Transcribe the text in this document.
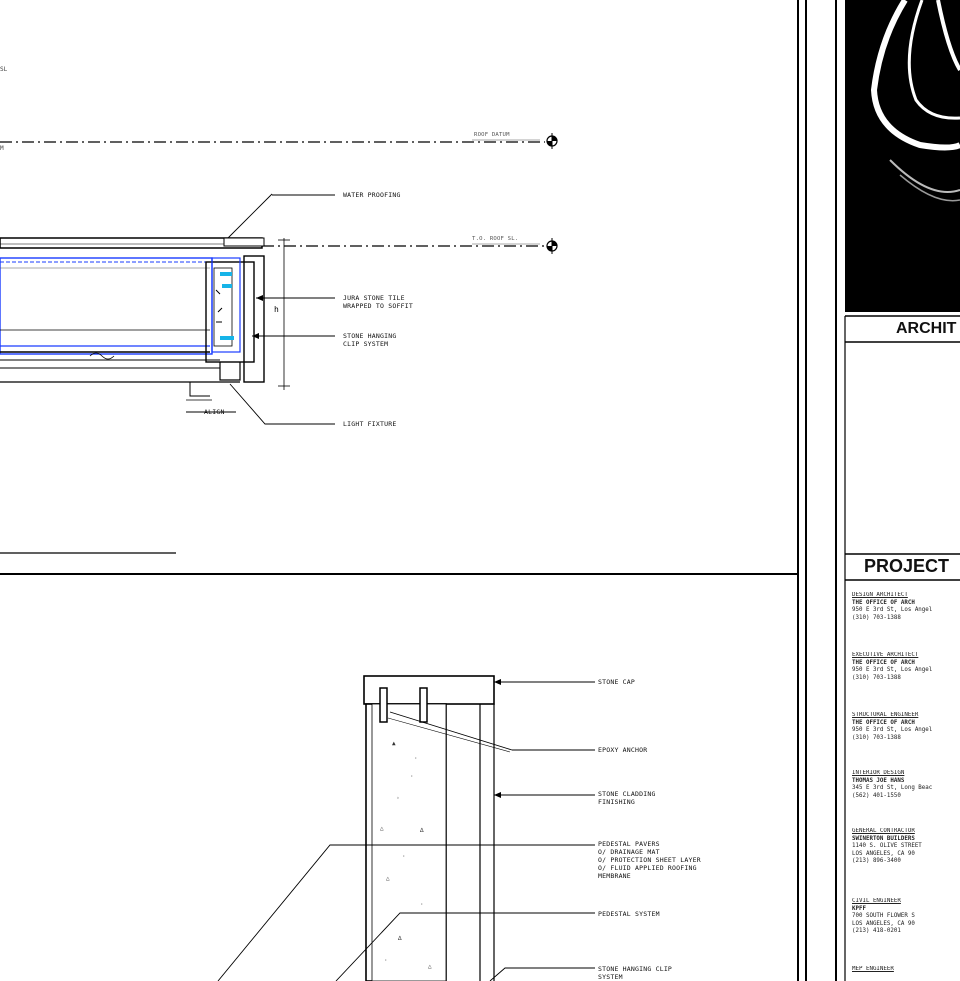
h
▲
·
◦
△	∆
·
△
·
∆
△
·
·
SL
M
ROOF DATUM
T.O. ROOF SL.
WATER PROOFING
JURA STONE TILE
WRAPPED TO SOFFIT
STONE HANGING
CLIP SYSTEM
LIGHT FIXTURE
ALIGN
STONE CAP
EPOXY ANCHOR
STONE CLADDING
FINISHING
PEDESTAL PAVERS
O/ DRAINAGE MAT
O/ PROTECTION SHEET LAYER
O/ FLUID APPLIED ROOFING
MEMBRANE
PEDESTAL SYSTEM
STONE HANGING CLIP
SYSTEM
ARCHIT
PROJECT
DESIGN ARCHITECT
THE OFFICE OF ARCH
950 E 3rd St, Los Angel
(310) 703-1388
EXECUTIVE ARCHITECT
THE OFFICE OF ARCH
950 E 3rd St, Los Angel
(310) 703-1388
STRUCTURAL ENGINEER
THE OFFICE OF ARCH
950 E 3rd St, Los Angel
(310) 703-1388
INTERIOR DESIGN
THOMAS JOE HANS
345 E 3rd St, Long Beac
(562) 401-1550
GENERAL CONTRACTOR
SWINERTON BUILDERS
1140 S. OLIVE STREET
LOS ANGELES, CA 90
(213) 896-3400
CIVIL ENGINEER
KPFF
700 SOUTH FLOWER S
LOS ANGELES, CA 90
(213) 418-0201
MEP ENGINEER
